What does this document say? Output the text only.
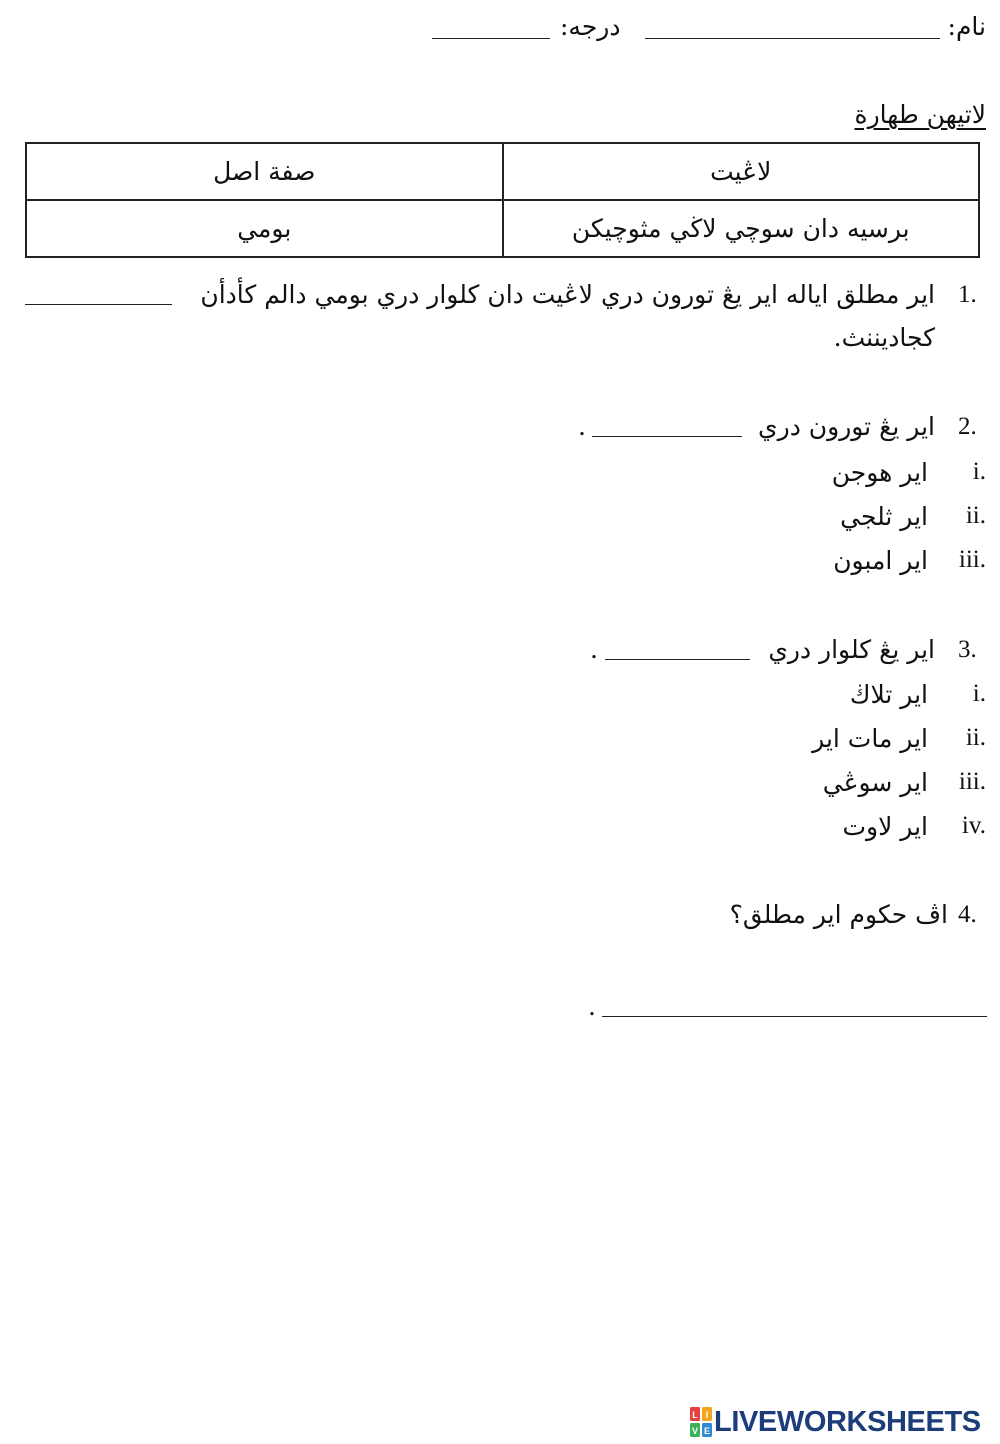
نام:
درجه:
لاتيهن طهارة
صفة اصل	لاڠيت
بومي	برسيه دان سوچي لاڬي مثوچيکن
1.
اير مطلق اياله اير يڠ تورون دري لاڠيت دان کلوار دري بومي دالم کأدأن
کجاديننث.
2.
اير يڠ تورون دري
.
i.
اير هوجن
ii.
اير ثلجي
iii.
اير امبون
3.
اير يڠ کلوار دري
.
i.
اير تلاڬ
ii.
اير مات اير
iii.
اير سوڠي
iv.
اير لاوت
4.
اڤ حکوم اير مطلق؟
.
L I
V E LIVEWORKSHEETS
